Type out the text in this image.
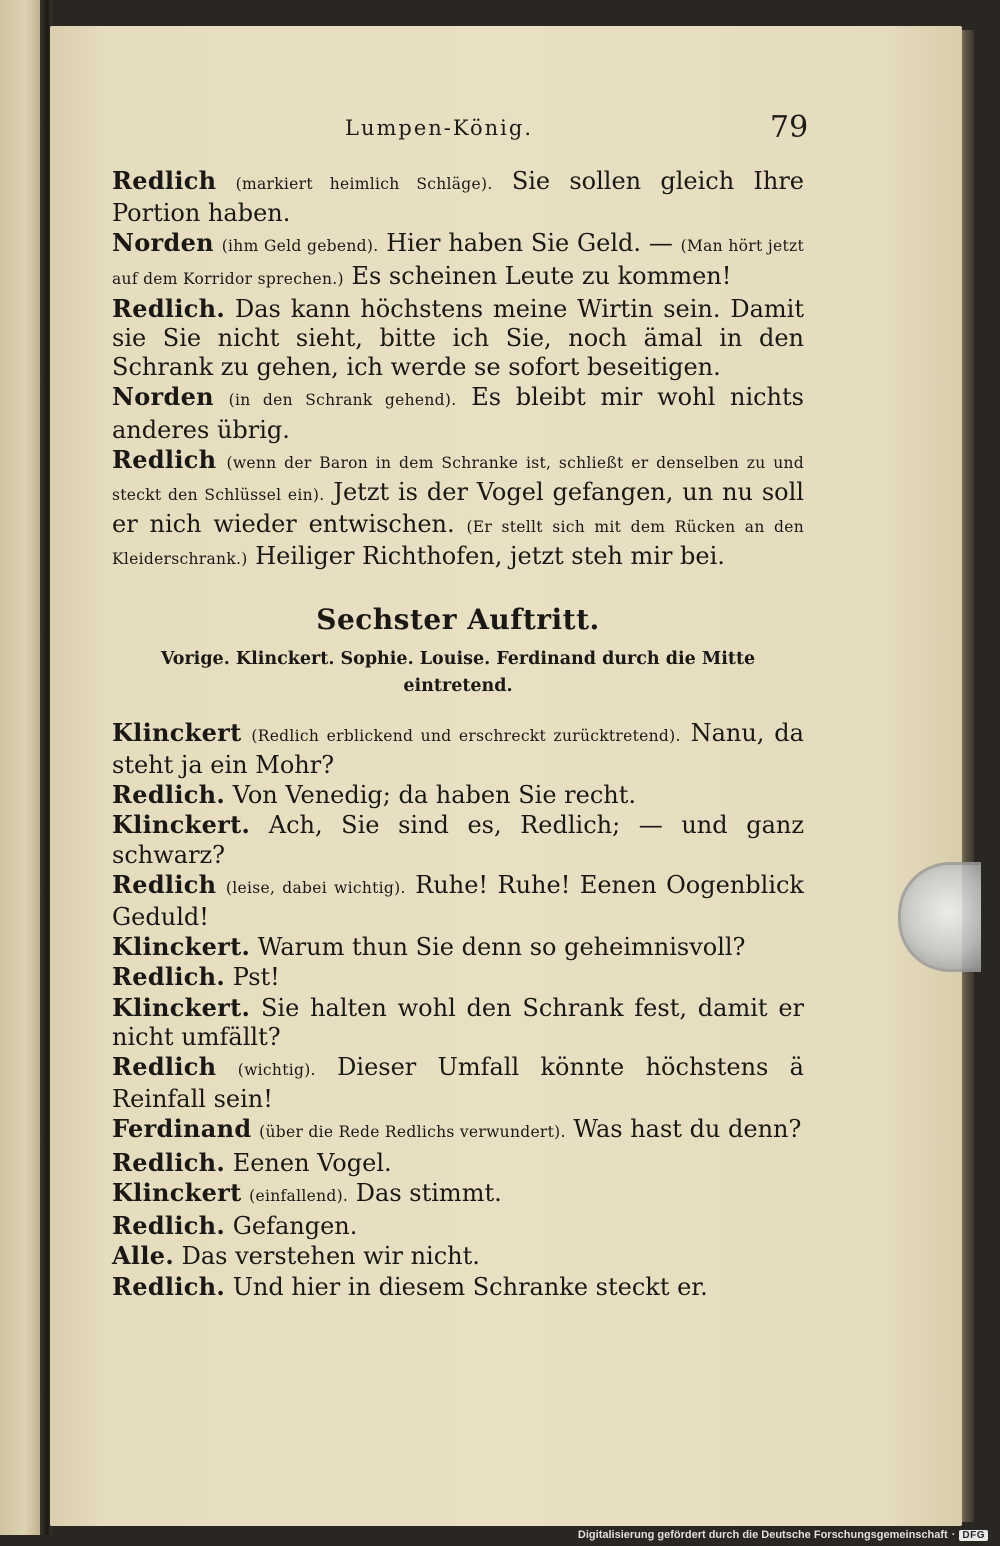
Lumpen-König.	79

Redlich (markiert heimlich Schläge). Sie sollen gleich Ihre Portion haben.

Norden (ihm Geld gebend). Hier haben Sie Geld. — (Man hört jetzt auf dem Korridor sprechen.) Es scheinen Leute zu kommen!

Redlich. Das kann höchstens meine Wirtin sein. Damit sie Sie nicht sieht, bitte ich Sie, noch ämal in den Schrank zu gehen, ich werde se sofort beseitigen.

Norden (in den Schrank gehend). Es bleibt mir wohl nichts anderes übrig.

Redlich (wenn der Baron in dem Schranke ist, schließt er denselben zu und steckt den Schlüssel ein). Jetzt is der Vogel gefangen, un nu soll er nich wieder entwischen. (Er stellt sich mit dem Rücken an den Kleiderschrank.) Heiliger Richthofen, jetzt steh mir bei.

Sechster Auftritt.
Vorige. Klinckert. Sophie. Louise. Ferdinand durch die Mitte eintretend.

Klinckert (Redlich erblickend und erschreckt zurücktretend). Nanu, da steht ja ein Mohr?

Redlich. Von Venedig; da haben Sie recht.

Klinckert. Ach, Sie sind es, Redlich; — und ganz schwarz?

Redlich (leise, dabei wichtig). Ruhe! Ruhe! Eenen Oogenblick Geduld!

Klinckert. Warum thun Sie denn so geheimnisvoll?

Redlich. Pst!

Klinckert. Sie halten wohl den Schrank fest, damit er nicht umfällt?

Redlich (wichtig). Dieser Umfall könnte höchstens ä Reinfall sein!

Ferdinand (über die Rede Redlichs verwundert). Was hast du denn?

Redlich. Eenen Vogel.

Klinckert (einfallend). Das stimmt.

Redlich. Gefangen.

Alle. Das verstehen wir nicht.

Redlich. Und hier in diesem Schranke steckt er.

Digitalisierung gefördert durch die Deutsche Forschungsgemeinschaft · DFG
